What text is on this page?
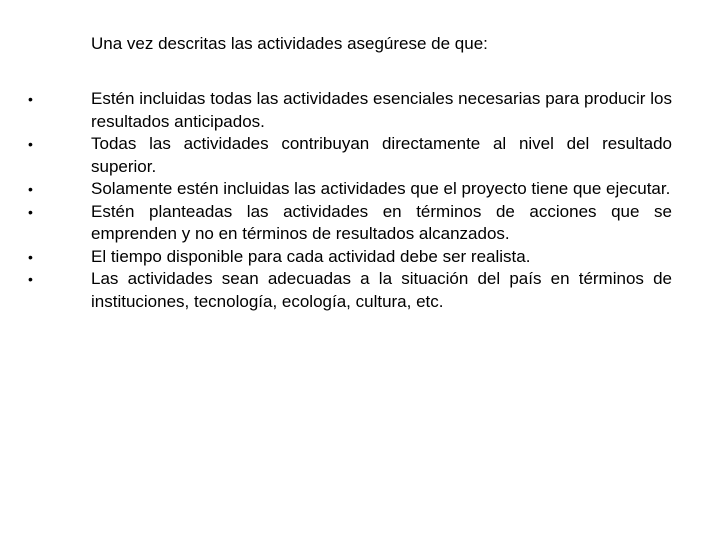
Una vez descritas las actividades asegúrese de que:
•	Estén incluidas todas las actividades esenciales necesarias para producir los resultados anticipados.
•	Todas las actividades contribuyan directamente al nivel del resultado superior.
•	Solamente estén incluidas las actividades que el proyecto tiene que ejecutar.
•	Estén planteadas las actividades en términos de acciones que se emprenden y no en términos de resultados alcanzados.
•	El tiempo disponible para cada actividad debe ser realista.
•	Las actividades sean adecuadas a la situación del país en términos de instituciones, tecnología, ecología, cultura, etc.
